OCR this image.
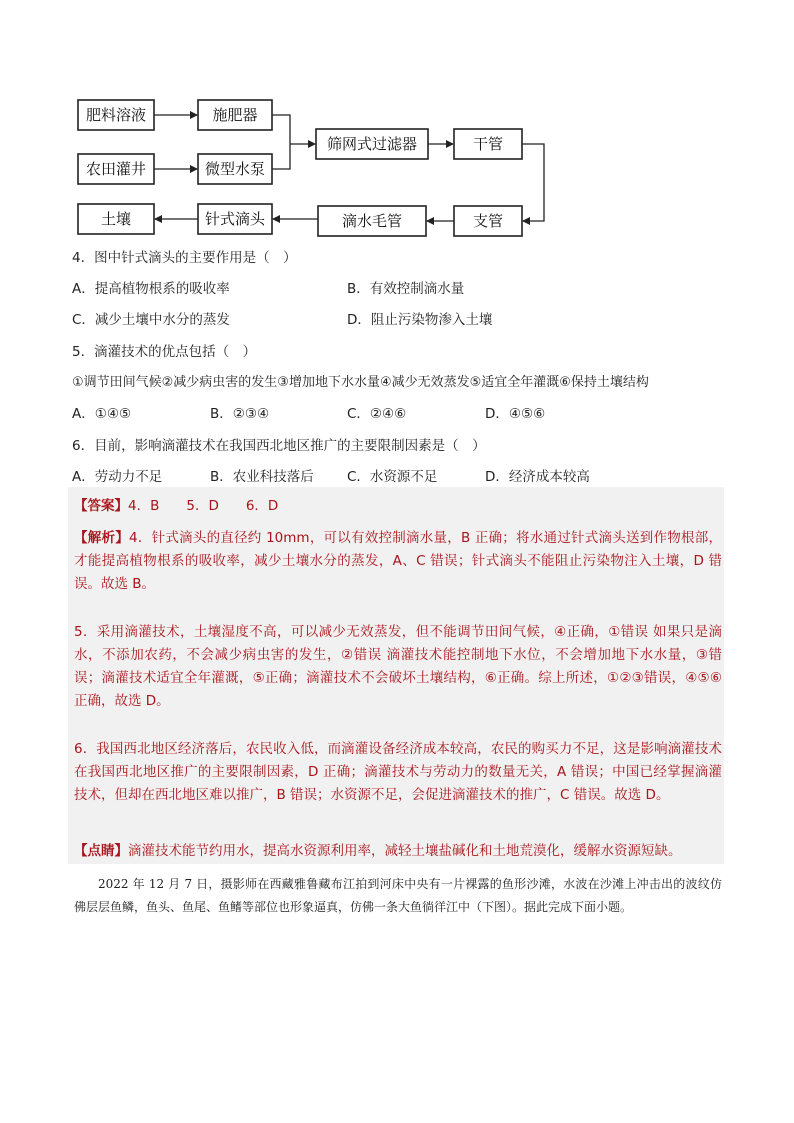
肥料溶液	施肥器
农田灌井	微型水泵
筛网式过滤器	干管
支管
滴水毛管
针式滴头
土壤
4．图中针式滴头的主要作用是（　）
A．提高植物根系的吸收率	B．有效控制滴水量
C．减少土壤中水分的蒸发	D．阻止污染物渗入土壤
5．滴灌技术的优点包括（　）
①调节田间气候②减少病虫害的发生③增加地下水水量④减少无效蒸发⑤适宜全年灌溉⑥保持土壤结构
A．①④⑤	B．②③④	C．②④⑥	D．④⑤⑥
6．目前，影响滴灌技术在我国西北地区推广的主要限制因素是（　）
A．劳动力不足	B．农业科技落后 C．水资源不足	D．经济成本较高
【答案】4．B　　5．D　　6．D
【解析】4．针式滴头的直径约 10mm，可以有效控制滴水量，B 正确；将水通过针式滴头送到作物根部，才能提高植物根系的吸收率，减少土壤水分的蒸发，A、C 错误；针式滴头不能阻止污染物注入土壤，D 错误。故选 B。
5．采用滴灌技术，土壤湿度不高，可以减少无效蒸发，但不能调节田间气候，④正确，①错误 如果只是滴水，不添加农药，不会减少病虫害的发生，②错误 滴灌技术能控制地下水位，不会增加地下水水量，③错误；滴灌技术适宜全年灌溉，⑤正确；滴灌技术不会破坏土壤结构，⑥正确。综上所述，①②③错误，④⑤⑥正确，故选 D。
6．我国西北地区经济落后，农民收入低，而滴灌设备经济成本较高，农民的购买力不足，这是影响滴灌技术在我国西北地区推广的主要限制因素，D 正确；滴灌技术与劳动力的数量无关，A 错误；中国已经掌握滴灌技术，但却在西北地区难以推广，B 错误；水资源不足，会促进滴灌技术的推广，C 错误。故选 D。
【点睛】滴灌技术能节约用水，提高水资源利用率，减轻土壤盐碱化和土地荒漠化，缓解水资源短缺。
2022 年 12 月 7 日，摄影师在西藏雅鲁藏布江拍到河床中央有一片裸露的鱼形沙滩，水波在沙滩上冲击出的波纹仿佛层层鱼鳞，鱼头、鱼尾、鱼鳍等部位也形象逼真，仿佛一条大鱼徜徉江中（下图）。据此完成下面小题。
